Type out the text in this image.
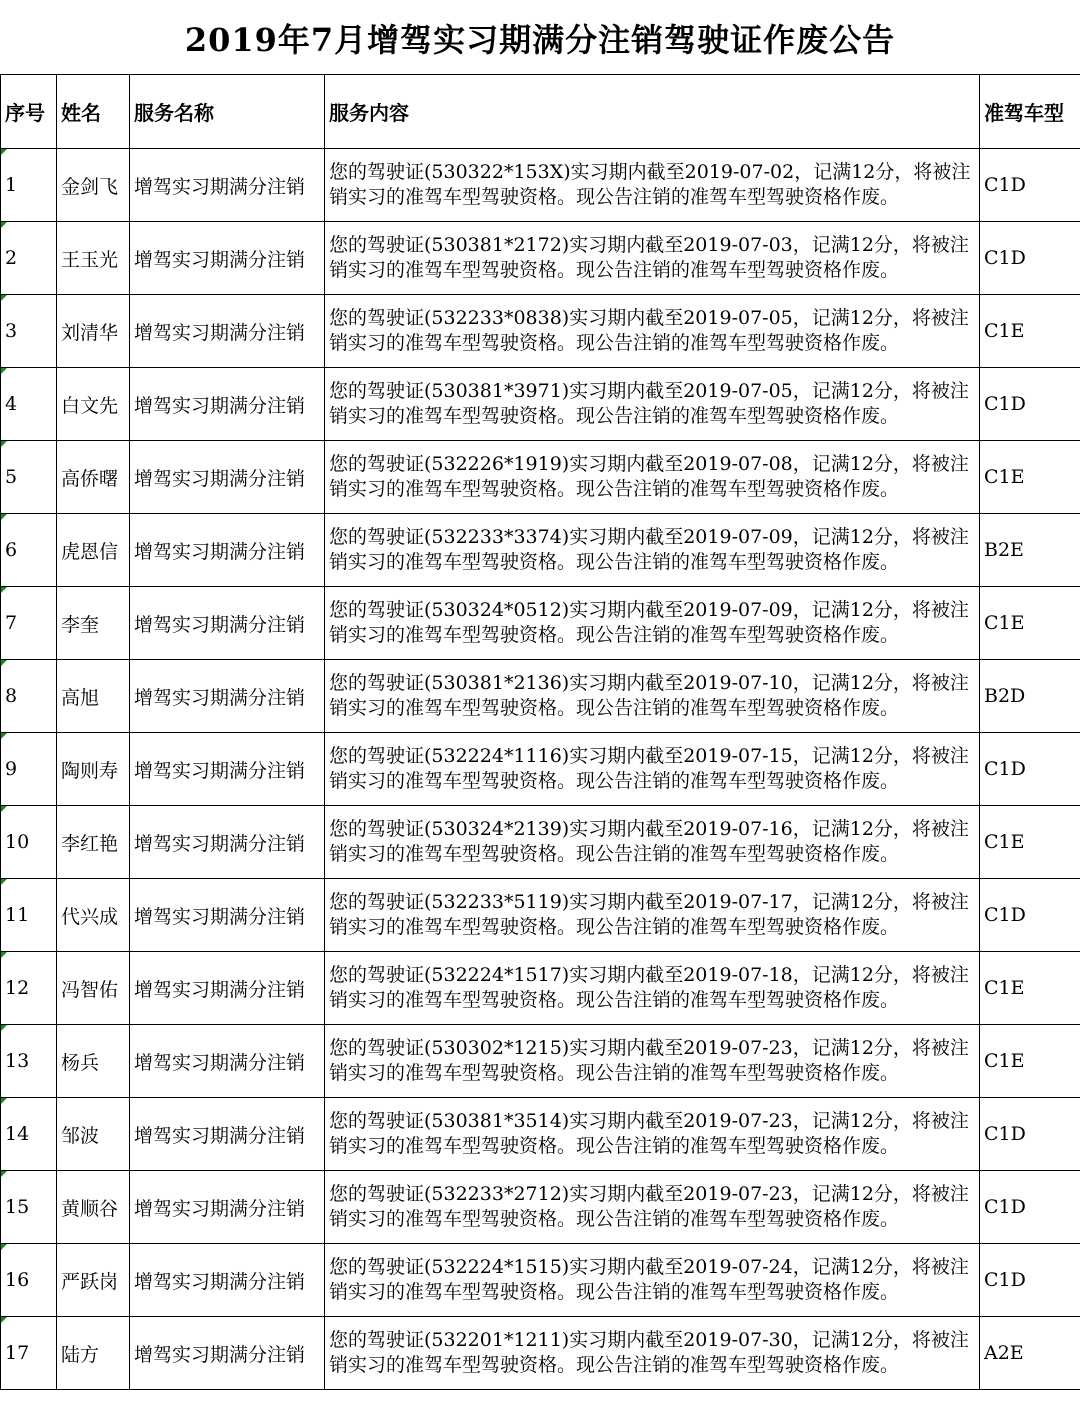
2019年7月增驾实习期满分注销驾驶证作废公告
序号	姓名	服务名称	服务内容	准驾车型
1	金剑飞	增驾实习期满分注销	您的驾驶证(530322*153X)实习期内截至2019-07-02，记满12分，将被注销实习的准驾车型驾驶资格。现公告注销的准驾车型驾驶资格作废。	C1D
2	王玉光	增驾实习期满分注销	您的驾驶证(530381*2172)实习期内截至2019-07-03，记满12分，将被注销实习的准驾车型驾驶资格。现公告注销的准驾车型驾驶资格作废。	C1D
3	刘清华	增驾实习期满分注销	您的驾驶证(532233*0838)实习期内截至2019-07-05，记满12分，将被注销实习的准驾车型驾驶资格。现公告注销的准驾车型驾驶资格作废。	C1E
4	白文先	增驾实习期满分注销	您的驾驶证(530381*3971)实习期内截至2019-07-05，记满12分，将被注销实习的准驾车型驾驶资格。现公告注销的准驾车型驾驶资格作废。	C1D
5	高侨曙	增驾实习期满分注销	您的驾驶证(532226*1919)实习期内截至2019-07-08，记满12分，将被注销实习的准驾车型驾驶资格。现公告注销的准驾车型驾驶资格作废。	C1E
6	虎恩信	增驾实习期满分注销	您的驾驶证(532233*3374)实习期内截至2019-07-09，记满12分，将被注销实习的准驾车型驾驶资格。现公告注销的准驾车型驾驶资格作废。	B2E
7	李奎	增驾实习期满分注销	您的驾驶证(530324*0512)实习期内截至2019-07-09，记满12分，将被注销实习的准驾车型驾驶资格。现公告注销的准驾车型驾驶资格作废。	C1E
8	高旭	增驾实习期满分注销	您的驾驶证(530381*2136)实习期内截至2019-07-10，记满12分，将被注销实习的准驾车型驾驶资格。现公告注销的准驾车型驾驶资格作废。	B2D
9	陶则寿	增驾实习期满分注销	您的驾驶证(532224*1116)实习期内截至2019-07-15，记满12分，将被注销实习的准驾车型驾驶资格。现公告注销的准驾车型驾驶资格作废。	C1D
10	李红艳	增驾实习期满分注销	您的驾驶证(530324*2139)实习期内截至2019-07-16，记满12分，将被注销实习的准驾车型驾驶资格。现公告注销的准驾车型驾驶资格作废。	C1E
11	代兴成	增驾实习期满分注销	您的驾驶证(532233*5119)实习期内截至2019-07-17，记满12分，将被注销实习的准驾车型驾驶资格。现公告注销的准驾车型驾驶资格作废。	C1D
12	冯智佑	增驾实习期满分注销	您的驾驶证(532224*1517)实习期内截至2019-07-18，记满12分，将被注销实习的准驾车型驾驶资格。现公告注销的准驾车型驾驶资格作废。	C1E
13	杨兵	增驾实习期满分注销	您的驾驶证(530302*1215)实习期内截至2019-07-23，记满12分，将被注销实习的准驾车型驾驶资格。现公告注销的准驾车型驾驶资格作废。	C1E
14	邹波	增驾实习期满分注销	您的驾驶证(530381*3514)实习期内截至2019-07-23，记满12分，将被注销实习的准驾车型驾驶资格。现公告注销的准驾车型驾驶资格作废。	C1D
15	黄顺谷	增驾实习期满分注销	您的驾驶证(532233*2712)实习期内截至2019-07-23，记满12分，将被注销实习的准驾车型驾驶资格。现公告注销的准驾车型驾驶资格作废。	C1D
16	严跃岗	增驾实习期满分注销	您的驾驶证(532224*1515)实习期内截至2019-07-24，记满12分，将被注销实习的准驾车型驾驶资格。现公告注销的准驾车型驾驶资格作废。	C1D
17	陆方	增驾实习期满分注销	您的驾驶证(532201*1211)实习期内截至2019-07-30，记满12分，将被注销实习的准驾车型驾驶资格。现公告注销的准驾车型驾驶资格作废。	A2E
